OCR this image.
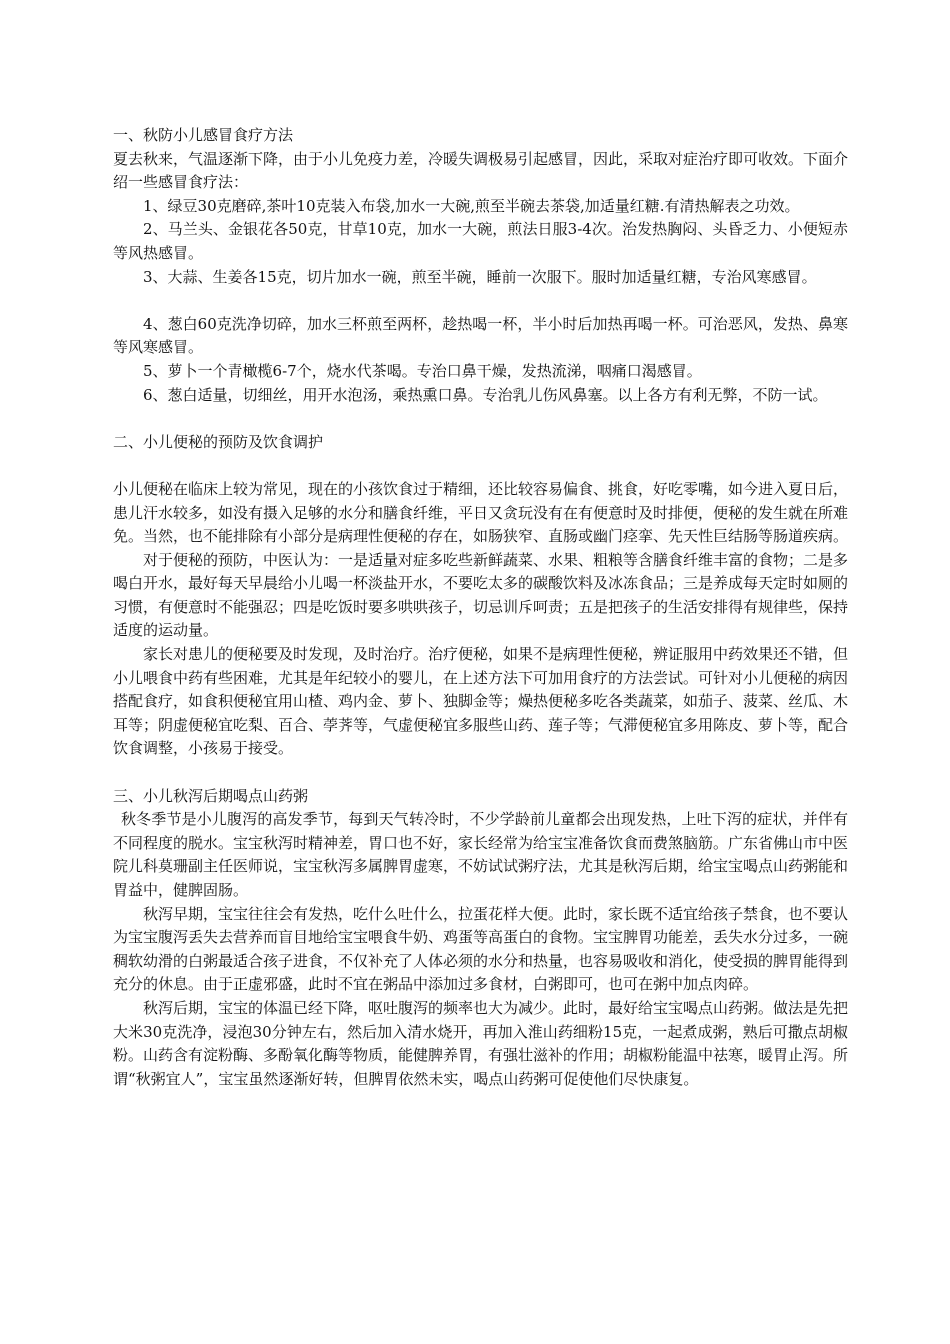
一、秋防小儿感冒食疗方法

夏去秋来，气温逐渐下降，由于小儿免疫力差，冷暖失调极易引起感冒，因此，采取对症治疗即可收效。下面介绍一些感冒食疗法：

1、绿豆30克磨碎,茶叶10克装入布袋,加水一大碗,煎至半碗去茶袋,加适量红糖.有清热解表之功效。

2、马兰头、金银花各50克，甘草10克，加水一大碗，煎法日服3-4次。治发热胸闷、头昏乏力、小便短赤等风热感冒。

3、大蒜、生姜各15克，切片加水一碗，煎至半碗，睡前一次服下。服时加适量红糖，专治风寒感冒。

4、葱白60克洗净切碎，加水三杯煎至两杯，趁热喝一杯，半小时后加热再喝一杯。可治恶风，发热、鼻寒等风寒感冒。

5、萝卜一个青橄榄6-7个，烧水代茶喝。专治口鼻干燥，发热流涕，咽痛口渴感冒。

6、葱白适量，切细丝，用开水泡汤，乘热熏口鼻。专治乳儿伤风鼻塞。以上各方有利无弊，不防一试。

二、小儿便秘的预防及饮食调护

小儿便秘在临床上较为常见，现在的小孩饮食过于精细，还比较容易偏食、挑食，好吃零嘴，如今进入夏日后，患儿汗水较多，如没有摄入足够的水分和膳食纤维，平日又贪玩没有在有便意时及时排便，便秘的发生就在所难免。当然，也不能排除有小部分是病理性便秘的存在，如肠狭窄、直肠或幽门痉挛、先天性巨结肠等肠道疾病。

对于便秘的预防，中医认为：一是适量对症多吃些新鲜蔬菜、水果、粗粮等含膳食纤维丰富的食物；二是多喝白开水，最好每天早晨给小儿喝一杯淡盐开水，不要吃太多的碳酸饮料及冰冻食品；三是养成每天定时如厕的习惯，有便意时不能强忍；四是吃饭时要多哄哄孩子，切忌训斥呵责；五是把孩子的生活安排得有规律些，保持适度的运动量。

家长对患儿的便秘要及时发现，及时治疗。治疗便秘，如果不是病理性便秘，辨证服用中药效果还不错，但小儿喂食中药有些困难，尤其是年纪较小的婴儿，在上述方法下可加用食疗的方法尝试。可针对小儿便秘的病因搭配食疗，如食积便秘宜用山楂、鸡内金、萝卜、独脚金等；燥热便秘多吃各类蔬菜，如茄子、菠菜、丝瓜、木耳等；阴虚便秘宜吃梨、百合、荸荠等，气虚便秘宜多服些山药、莲子等；气滞便秘宜多用陈皮、萝卜等，配合饮食调整，小孩易于接受。

三、小儿秋泻后期喝点山药粥

秋冬季节是小儿腹泻的高发季节，每到天气转冷时，不少学龄前儿童都会出现发热，上吐下泻的症状，并伴有不同程度的脱水。宝宝秋泻时精神差，胃口也不好，家长经常为给宝宝准备饮食而费煞脑筋。广东省佛山市中医院儿科莫珊副主任医师说，宝宝秋泻多属脾胃虚寒，不妨试试粥疗法，尤其是秋泻后期，给宝宝喝点山药粥能和胃益中，健脾固肠。

秋泻早期，宝宝往往会有发热，吃什么吐什么，拉蛋花样大便。此时，家长既不适宜给孩子禁食，也不要认为宝宝腹泻丢失去营养而盲目地给宝宝喂食牛奶、鸡蛋等高蛋白的食物。宝宝脾胃功能差，丢失水分过多，一碗稠软幼滑的白粥最适合孩子进食，不仅补充了人体必须的水分和热量，也容易吸收和消化，使受损的脾胃能得到充分的休息。由于正虚邪盛，此时不宜在粥品中添加过多食材，白粥即可，也可在粥中加点肉碎。

秋泻后期，宝宝的体温已经下降，呕吐腹泻的频率也大为减少。此时，最好给宝宝喝点山药粥。做法是先把大米30克洗净，浸泡30分钟左右，然后加入清水烧开，再加入淮山药细粉15克，一起煮成粥，熟后可撒点胡椒粉。山药含有淀粉酶、多酚氧化酶等物质，能健脾养胃，有强壮滋补的作用；胡椒粉能温中祛寒，暖胃止泻。所谓“秋粥宜人”，宝宝虽然逐渐好转，但脾胃依然未实，喝点山药粥可促使他们尽快康复。
